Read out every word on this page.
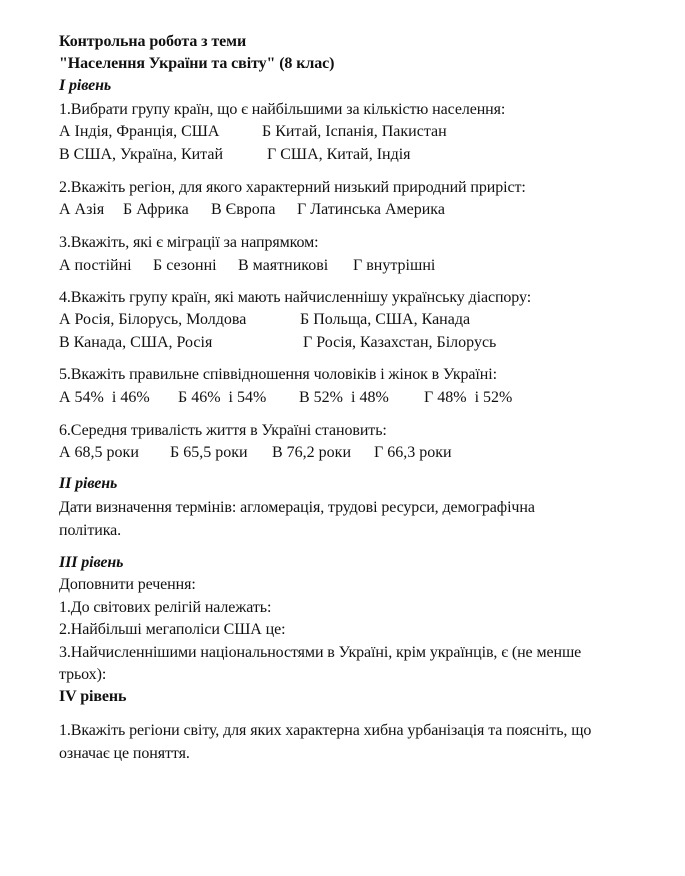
Контрольна робота з теми
"Населення України та світу" (8 клас)
I рівень
1.Вибрати групу країн, що є найбільшими за кількістю населення:
А Індія, Франція, США	Б Китай, Іспанія, Пакистан
В США, Україна, Китай	Г США, Китай, Індія
2.Вкажіть регіон, для якого характерний низький природний приріст:
А Азія Б Африка В Європа Г Латинська Америка
3.Вкажіть, які є міграції за напрямком:
А постійні Б сезонні В маятникові Г внутрішні
4.Вкажіть групу країн, які мають найчисленнішу українську діаспору:
А Росія, Білорусь, Молдова	Б Польща, США, Канада
В Канада, США, Росія	Г Росія, Казахстан, Білорусь
5.Вкажіть правильне співвідношення чоловіків і жінок в Україні:
А 54%  і 46% Б 46%  і 54% В 52%  і 48% Г 48%  і 52%
6.Середня тривалість життя в Україні становить:
А 68,5 роки Б 65,5 роки В 76,2 роки Г 66,3 роки
II рівень
Дати визначення термінів: агломерація, трудові ресурси, демографічна
політика.
III рівень
Доповнити речення:
1.До світових релігій належать:
2.Найбільші мегаполіси США це:
3.Найчисленнішими національностями в Україні, крім українців, є (не менше
трьох):
IV рівень
1.Вкажіть регіони світу, для яких характерна хибна урбанізація та поясніть, що
означає це поняття.
